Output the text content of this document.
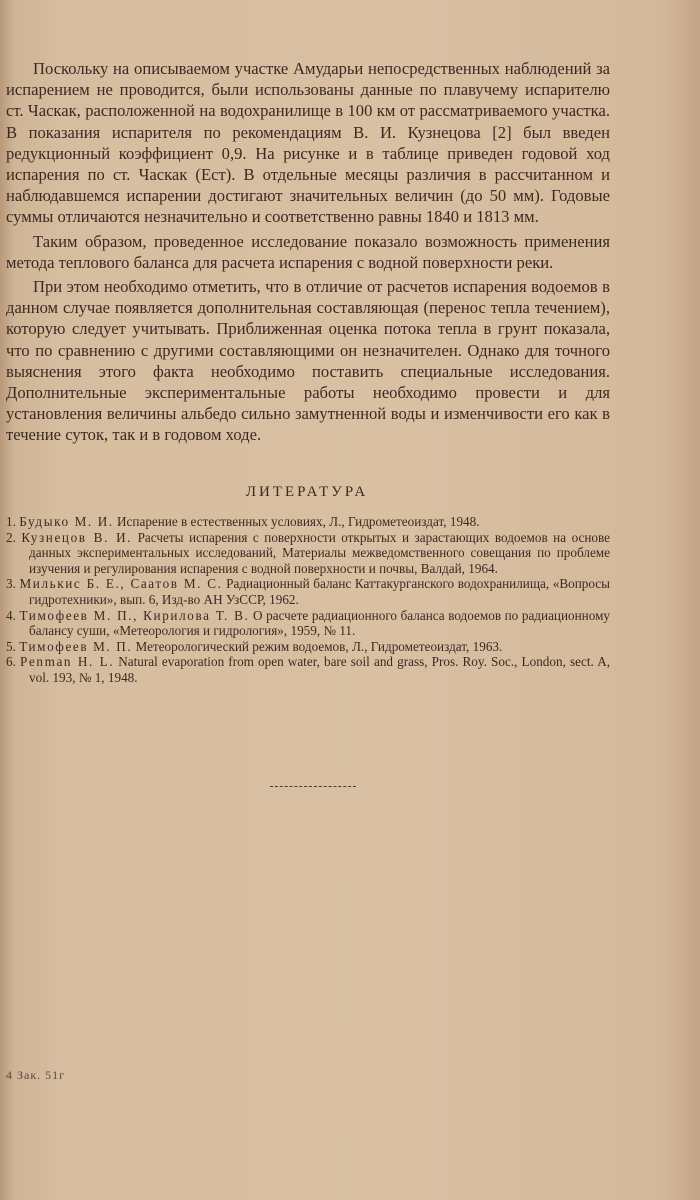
Поскольку на описываемом участке Амударьи непосредственных наблюдений за испарением не проводится, были использованы данные по плавучему испарителю ст. Часкак, расположенной на водохранилище в 100 км от рассматриваемого участка. В показания испарителя по рекомендациям В. И. Кузнецова [2] был введен редукционный коэффициент 0,9. На рисунке и в таблице приведен годовой ход испарения по ст. Часкак (Eст). В отдельные месяцы различия в рассчитанном и наблюдавшемся испарении достигают значительных величин (до 50 мм). Годовые суммы отличаются незначительно и соответственно равны 1840 и 1813 мм.

Таким образом, проведенное исследование показало возможность применения метода теплового баланса для расчета испарения с водной поверхности реки.

При этом необходимо отметить, что в отличие от расчетов испарения водоемов в данном случае появляется дополнительная составляющая (перенос тепла течением), которую следует учитывать. Приближенная оценка потока тепла в грунт показала, что по сравнению с другими составляющими он незначителен. Однако для точного выяснения этого факта необходимо поставить специальные исследования. Дополнительные экспериментальные работы необходимо провести и для установления величины альбедо сильно замутненной воды и изменчивости его как в течение суток, так и в годовом ходе.

ЛИТЕРАТУРА
1. Будыко М. И. Испарение в естественных условиях, Л., Гидрометеоиздат, 1948.
2. Кузнецов В. И. Расчеты испарения с поверхности открытых и зарастающих водоемов на основе данных экспериментальных исследований, Материалы межведомственного совещания по проблеме изучения и регулирования испарения с водной поверхности и почвы, Валдай, 1964.
3. Милькис Б. Е., Саатов М. С. Радиационный баланс Каттакурганского водохранилища, «Вопросы гидротехники», вып. 6, Изд-во АН УзССР, 1962.
4. Тимофеев М. П., Кирилова Т. В. О расчете радиационного баланса водоемов по радиационному балансу суши, «Метеорология и гидрология», 1959, № 11.
5. Тимофеев М. П. Метеорологический режим водоемов, Л., Гидрометеоиздат, 1963.
6. Penman H. L. Natural evaporation from open water, bare soil and grass, Pros. Roy. Soc., London, sect. A, vol. 193, № 1, 1948.
4 Зак. 51г
